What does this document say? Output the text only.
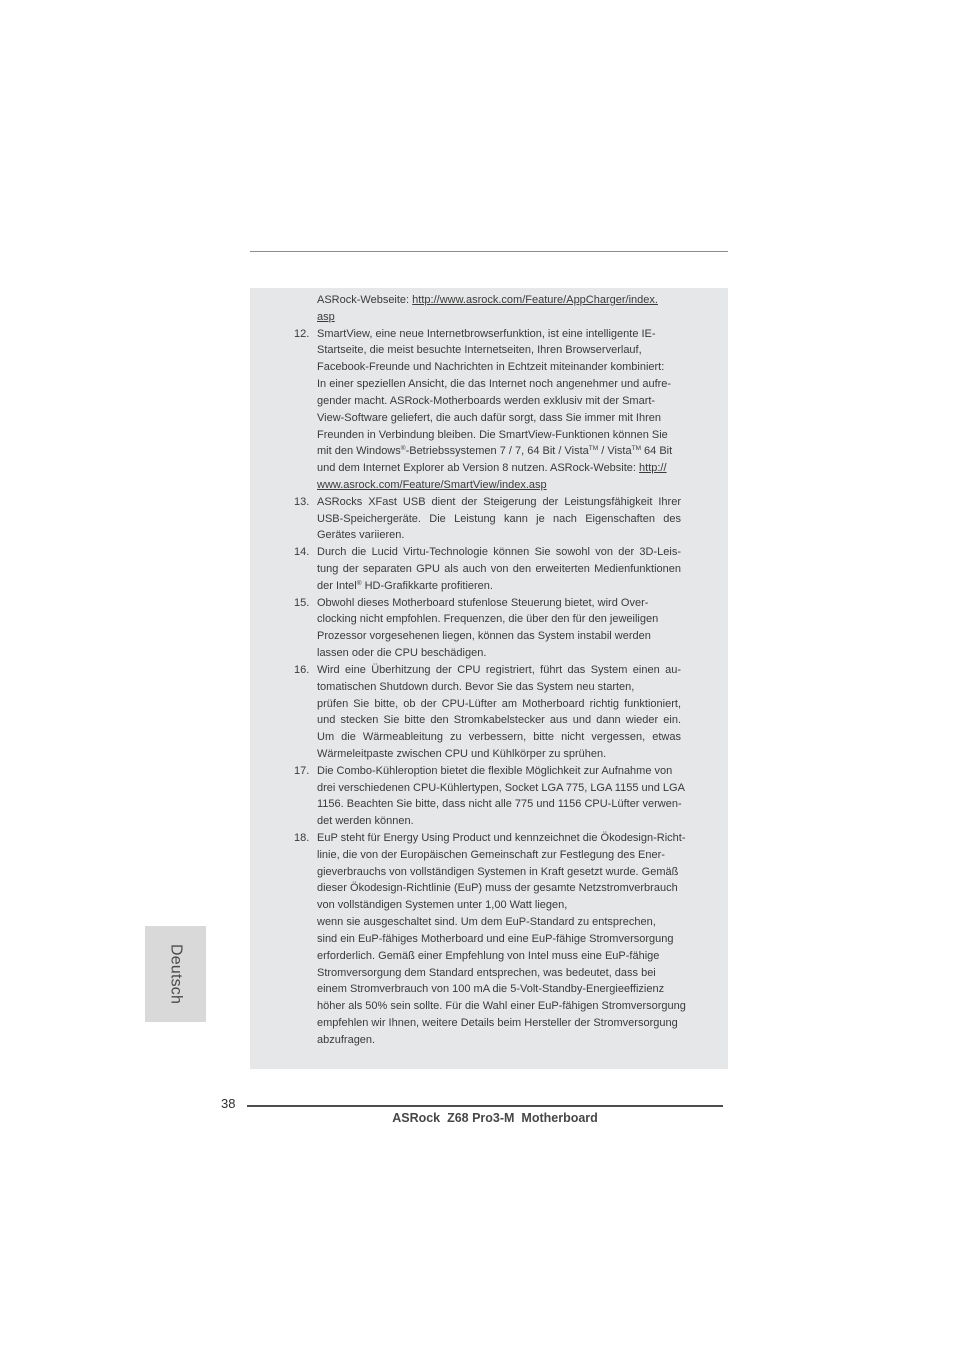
ASRock-Webseite: http://www.asrock.com/Feature/AppCharger/index.
asp
12. SmartView, eine neue Internetbrowserfunktion, ist eine intelligente IE-
Startseite, die meist besuchte Internetseiten, Ihren Browserverlauf,
Facebook-Freunde und Nachrichten in Echtzeit miteinander kombiniert:
In einer speziellen Ansicht, die das Internet noch angenehmer und aufre-
gender macht. ASRock-Motherboards werden exklusiv mit der Smart-
View-Software geliefert, die auch dafür sorgt, dass Sie immer mit Ihren
Freunden in Verbindung bleiben. Die SmartView-Funktionen können Sie
mit den Windows®-Betriebssystemen 7 / 7, 64 Bit / Vista™ / Vista™ 64 Bit
und dem Internet Explorer ab Version 8 nutzen. ASRock-Website: http://
www.asrock.com/Feature/SmartView/index.asp
13. ASRocks XFast USB dient der Steigerung der Leistungsfähigkeit Ihrer
USB-Speichergeräte. Die Leistung kann je nach Eigenschaften des
Gerätes variieren.
14. Durch die Lucid Virtu-Technologie können Sie sowohl von der 3D-Leis-
tung der separaten GPU als auch von den erweiterten Medienfunktionen
der Intel® HD-Grafikkarte profitieren.
15. Obwohl dieses Motherboard stufenlose Steuerung bietet, wird Over-
clocking nicht empfohlen. Frequenzen, die über den für den jeweiligen
Prozessor vorgesehenen liegen, können das System instabil werden
lassen oder die CPU beschädigen.
16. Wird eine Überhitzung der CPU registriert, führt das System einen au-
tomatischen Shutdown durch. Bevor Sie das System neu starten,
prüfen Sie bitte, ob der CPU-Lüfter am Motherboard richtig funktioniert,
und stecken Sie bitte den Stromkabelstecker aus und dann wieder ein.
Um die Wärmeableitung zu verbessern, bitte nicht vergessen, etwas
Wärmeleitpaste zwischen CPU und Kühlkörper zu sprühen.
17. Die Combo-Kühleroption bietet die flexible Möglichkeit zur Aufnahme von
drei verschiedenen CPU-Kühlertypen, Socket LGA 775, LGA 1155 und LGA
1156. Beachten Sie bitte, dass nicht alle 775 und 1156 CPU-Lüfter verwen-
det werden können.
18. EuP steht für Energy Using Product und kennzeichnet die Ökodesign-Richt-
linie, die von der Europäischen Gemeinschaft zur Festlegung des Ener-
gieverbrauchs von vollständigen Systemen in Kraft gesetzt wurde. Gemäß
dieser Ökodesign-Richtlinie (EuP) muss der gesamte Netzstromverbrauch
von vollständigen Systemen unter 1,00 Watt liegen,
wenn sie ausgeschaltet sind. Um dem EuP-Standard zu entsprechen,
sind ein EuP-fähiges Motherboard und eine EuP-fähige Stromversorgung
erforderlich. Gemäß einer Empfehlung von Intel muss eine EuP-fähige
Stromversorgung dem Standard entsprechen, was bedeutet, dass bei
einem Stromverbrauch von 100 mA die 5-Volt-Standby-Energieeffizienz
höher als 50% sein sollte. Für die Wahl einer EuP-fähigen Stromversorgung
empfehlen wir Ihnen, weitere Details beim Hersteller der Stromversorgung
abzufragen.
Deutsch
38
ASRock  Z68 Pro3-M  Motherboard
